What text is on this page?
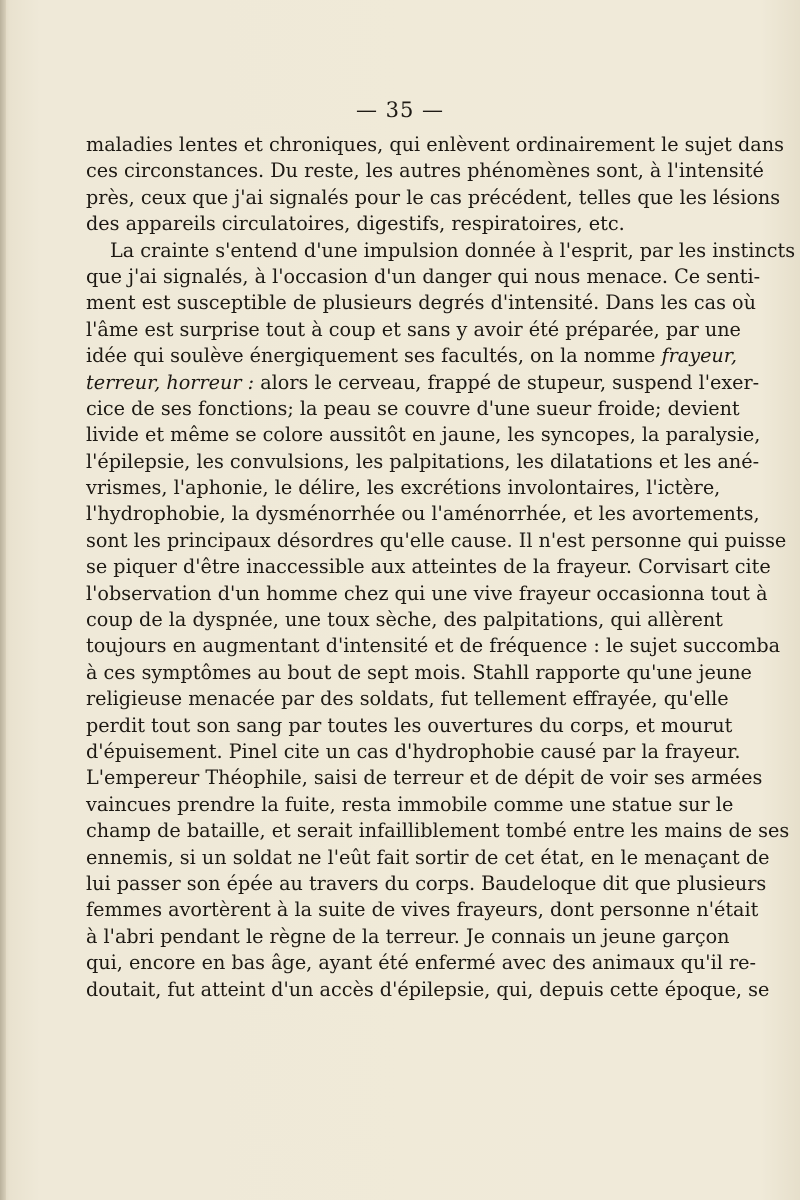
— 35 —
maladies lentes et chroniques, qui enlèvent ordinairement le sujet dans
ces circonstances. Du reste, les autres phénomènes sont, à l'intensité
près, ceux que j'ai signalés pour le cas précédent, telles que les lésions
des appareils circulatoires, digestifs, respiratoires, etc.
La crainte s'entend d'une impulsion donnée à l'esprit, par les instincts
que j'ai signalés, à l'occasion d'un danger qui nous menace. Ce senti-
ment est susceptible de plusieurs degrés d'intensité. Dans les cas où
l'âme est surprise tout à coup et sans y avoir été préparée, par une
idée qui soulève énergiquement ses facultés, on la nomme frayeur,
terreur, horreur : alors le cerveau, frappé de stupeur, suspend l'exer-
cice de ses fonctions; la peau se couvre d'une sueur froide; devient
livide et même se colore aussitôt en jaune, les syncopes, la paralysie,
l'épilepsie, les convulsions, les palpitations, les dilatations et les ané-
vrismes, l'aphonie, le délire, les excrétions involontaires, l'ictère,
l'hydrophobie, la dysménorrhée ou l'aménorrhée, et les avortements,
sont les principaux désordres qu'elle cause. Il n'est personne qui puisse
se piquer d'être inaccessible aux atteintes de la frayeur. Corvisart cite
l'observation d'un homme chez qui une vive frayeur occasionna tout à
coup de la dyspnée, une toux sèche, des palpitations, qui allèrent
toujours en augmentant d'intensité et de fréquence : le sujet succomba
à ces symptômes au bout de sept mois. Stahll rapporte qu'une jeune
religieuse menacée par des soldats, fut tellement effrayée, qu'elle
perdit tout son sang par toutes les ouvertures du corps, et mourut
d'épuisement. Pinel cite un cas d'hydrophobie causé par la frayeur.
L'empereur Théophile, saisi de terreur et de dépit de voir ses armées
vaincues prendre la fuite, resta immobile comme une statue sur le
champ de bataille, et serait infailliblement tombé entre les mains de ses
ennemis, si un soldat ne l'eût fait sortir de cet état, en le menaçant de
lui passer son épée au travers du corps. Baudeloque dit que plusieurs
femmes avortèrent à la suite de vives frayeurs, dont personne n'était
à l'abri pendant le règne de la terreur. Je connais un jeune garçon
qui, encore en bas âge, ayant été enfermé avec des animaux qu'il re-
doutait, fut atteint d'un accès d'épilepsie, qui, depuis cette époque, se
